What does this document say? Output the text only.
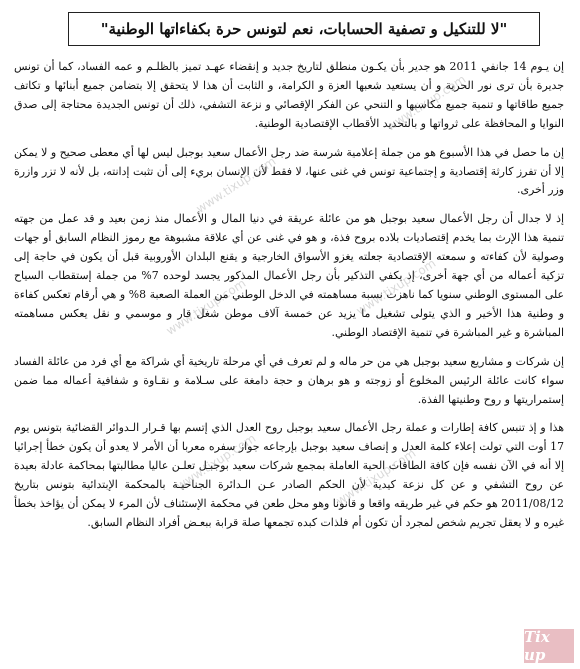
"لا للتنكيل و تصفية الحسابات، نعم لتونس حرة بكفاءاتها الوطنية"

إن يـوم 14 جانفي 2011 هو جدير بأن يكـون منطلق لتاريخ جديد و إنقضاء عهـد تميز بالظلـم و عمه الفساد، كما أن تونس جديرة بأن ترى نور الحرية و أن يستعيد شعبها العزة و الكرامة، و الثابت أن هذا لا يتحقق إلا بتضامن جميع أبنائها و تكاتف جميع طاقاتها و تنمية جميع مكاسبها و التنحي عن الفكر الإقصائي و نزعة التشفي، ذلك أن تونس الجديدة محتاجة إلى صدق النوايا و المحافظة على ثرواتها و بالتحديد الأقطاب الإقتصادية الوطنية.

إن ما حصل في هذا الأسبوع هو من جملة إعلامية شرسة ضد رجل الأعمال سعيد بوجبل ليس لها أي معطى صحيح و لا يمكن إلا أن تفرز كارثة إقتصادية و إجتماعية تونس في غنى عنها، لا فقط لأن الإنسان بريء إلى أن تثبت إدانته، بل لأنه لا تزر وازرة وزر أخرى.

إذ لا جدال أن رجل الأعمال سعيد بوجبل هو من عائلة عريقة في دنيا المال و الأعمال منذ زمن بعيد و قد عمل من جهته تنمية هذا الإرث بما يخدم إقتصاديات بلاده بروح فذة، و هو في غنى عن أي علاقة مشبوهة مع رموز النظام السابق أو جهات وصولية لأن كفاءته و سمعته الإقتصادية جعلته يغزو الأسواق الخارجية و يقنع البلدان الأوروبية قبل أن يكون في حاجة إلى تزكية أعماله من أي جهة أخرى، إذ يكفي التذكير بأن رجل الأعمال المذكور يجسد لوحده 7% من جملة إستقطاب السياح على المستوى الوطني سنويا كما ناهزت نسبة مساهمته في الدخل الوطني من العملة الصعبة 8% و هي أرقام تعكس كفاءة و وطنية هذا الأخير و الذي يتولى تشغيل ما يزيد عن خمسة آلاف موطن شغل قار و موسمي و نقل يعكس مساهمته المباشرة و غير المباشرة في تنمية الإقتصاد الوطني.

إن شركات و مشاريع سعيد بوجبل هي من حر ماله و لم تعرف في أي مرحلة تاريخية أي شراكة مع أي فرد من عائلة الفساد سواء كانت عائلة الرئيس المخلوع أو زوجته و هو برهان و حجة دامغة على سـلامة و نقـاوة و شفافية أعماله مما ضمن إستمراريتها و روح وطنيتها الفذة.

هذا و إذ تنبس كافة إطارات و عملة رجل الأعمال سعيد بوجبل روح العدل الذي إتسم بها قـرار الـدوائر القضائية بتونس يوم 17 أوت التي تولت إعلاء كلمة العدل و إنصاف سعيد بوجبل بإرجاعه جواز سفره معربا أن الأمر لا يعدو أن يكون خطأ إجرائيا إلا أنه في الآن نفسه فإن كافة الطاقات الحية العاملة بمجمع شركات سعيد بوجبـل تعلـن عاليا مطالبتها بمحاكمة عادلة بعيدة عن روح التشفي و عن كل نزعة كيدية لأن الحكم الصادر عـن الـدائرة الجناحيـة بالمحكمة الإبتدائية بتونس بتاريخ 2011/08/12 هو حكم في غير طريقه واقعا و قانونا وهو محل طعن في محكمة الإستئناف لأن المرء لا يمكن أن يؤاخذ بخطأ غيره و لا يعقل تجريم شخص لمجرد أن تكون أم فلذات كبده تجمعها صلة قرابة ببعـض أفراد النظام السابق.

www.tixup.com
www.tixup.com
www.tixup.com	www.tixup.com
www.tixup.com	www.tixup.com
Tix up
